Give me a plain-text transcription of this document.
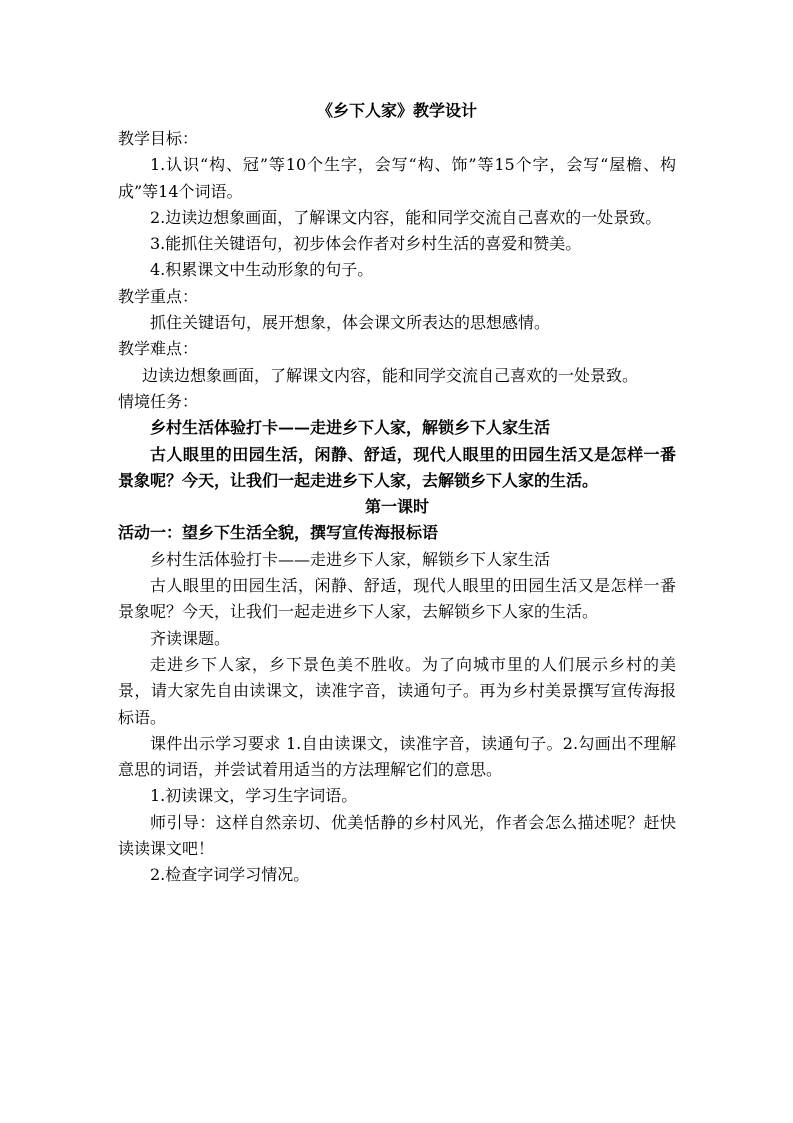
《乡下人家》教学设计

教学目标：

1.认识“构、冠”等10个生字，会写“构、饰”等15个字，会写“屋檐、构成”等14个词语。

2.边读边想象画面，了解课文内容，能和同学交流自己喜欢的一处景致。

3.能抓住关键语句，初步体会作者对乡村生活的喜爱和赞美。

4.积累课文中生动形象的句子。

教学重点：

抓住关键语句，展开想象，体会课文所表达的思想感情。

教学难点：

边读边想象画面，了解课文内容，能和同学交流自己喜欢的一处景致。

情境任务：

乡村生活体验打卡——走进乡下人家，解锁乡下人家生活

古人眼里的田园生活，闲静、舒适，现代人眼里的田园生活又是怎样一番景象呢？今天，让我们一起走进乡下人家，去解锁乡下人家的生活。

第一课时

活动一：望乡下生活全貌，撰写宣传海报标语

乡村生活体验打卡——走进乡下人家，解锁乡下人家生活

古人眼里的田园生活，闲静、舒适，现代人眼里的田园生活又是怎样一番景象呢？今天，让我们一起走进乡下人家，去解锁乡下人家的生活。

齐读课题。

走进乡下人家，乡下景色美不胜收。为了向城市里的人们展示乡村的美景，请大家先自由读课文，读准字音，读通句子。再为乡村美景撰写宣传海报标语。

课件出示学习要求 1.自由读课文，读准字音，读通句子。2.勾画出不理解意思的词语，并尝试着用适当的方法理解它们的意思。

1.初读课文，学习生字词语。

师引导：这样自然亲切、优美恬静的乡村风光，作者会怎么描述呢？赶快读读课文吧！

2.检查字词学习情况。
